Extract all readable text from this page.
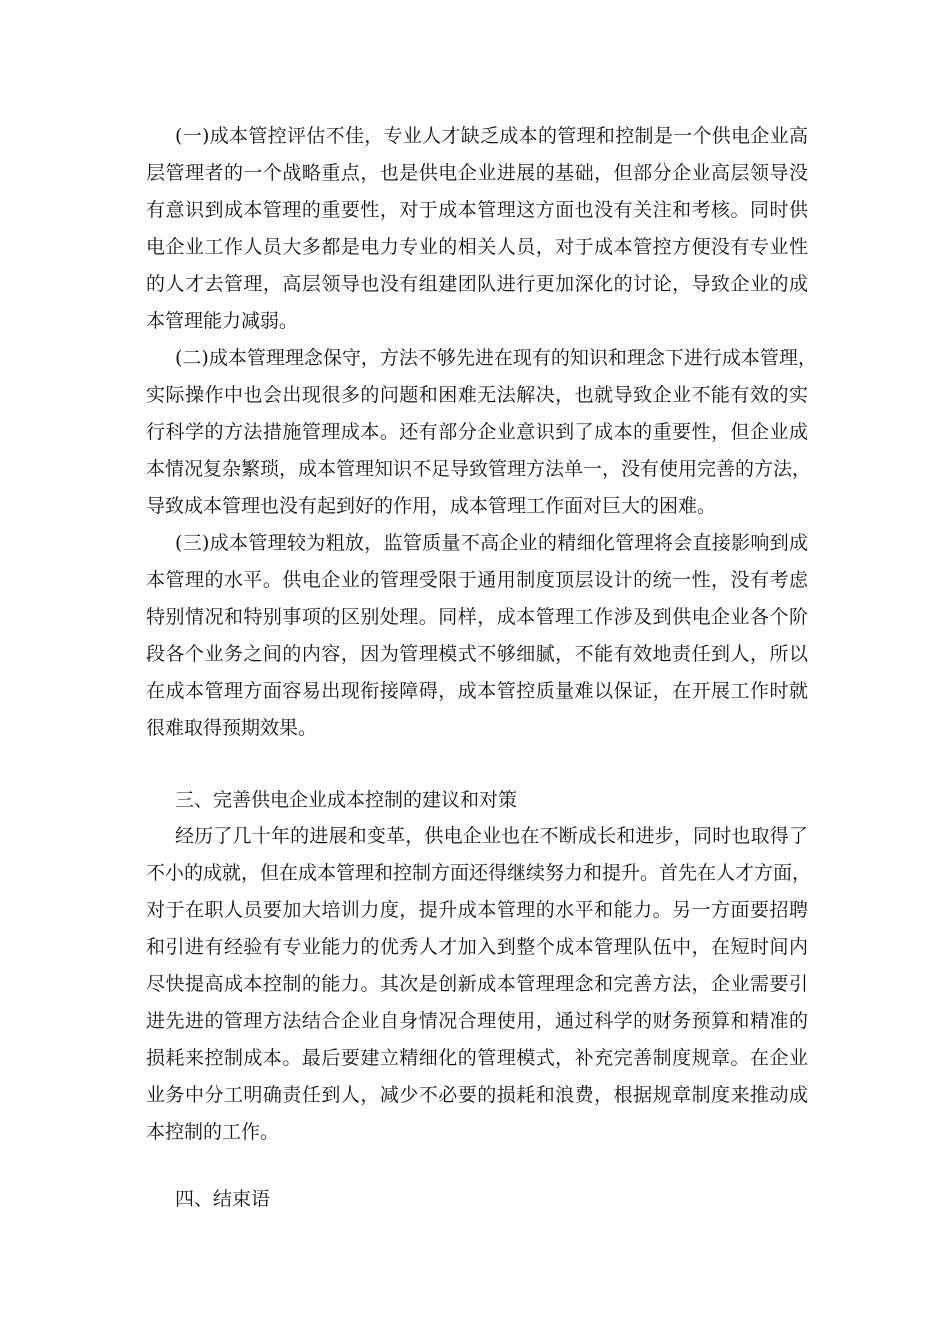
(一)成本管控评估不佳，专业人才缺乏成本的管理和控制是一个供电企业高
层管理者的一个战略重点，也是供电企业进展的基础，但部分企业高层领导没
有意识到成本管理的重要性，对于成本管理这方面也没有关注和考核。同时供
电企业工作人员大多都是电力专业的相关人员，对于成本管控方便没有专业性
的人才去管理，高层领导也没有组建团队进行更加深化的讨论，导致企业的成
本管理能力减弱。
(二)成本管理理念保守，方法不够先进在现有的知识和理念下进行成本管理，
实际操作中也会出现很多的问题和困难无法解决，也就导致企业不能有效的实
行科学的方法措施管理成本。还有部分企业意识到了成本的重要性，但企业成
本情况复杂繁琐，成本管理知识不足导致管理方法单一，没有使用完善的方法，
导致成本管理也没有起到好的作用，成本管理工作面对巨大的困难。
(三)成本管理较为粗放，监管质量不高企业的精细化管理将会直接影响到成
本管理的水平。供电企业的管理受限于通用制度顶层设计的统一性，没有考虑
特别情况和特别事项的区别处理。同样，成本管理工作涉及到供电企业各个阶
段各个业务之间的内容，因为管理模式不够细腻，不能有效地责任到人，所以
在成本管理方面容易出现衔接障碍，成本管控质量难以保证，在开展工作时就
很难取得预期效果。
三、完善供电企业成本控制的建议和对策
经历了几十年的进展和变革，供电企业也在不断成长和进步，同时也取得了
不小的成就，但在成本管理和控制方面还得继续努力和提升。首先在人才方面，
对于在职人员要加大培训力度，提升成本管理的水平和能力。另一方面要招聘
和引进有经验有专业能力的优秀人才加入到整个成本管理队伍中，在短时间内
尽快提高成本控制的能力。其次是创新成本管理理念和完善方法，企业需要引
进先进的管理方法结合企业自身情况合理使用，通过科学的财务预算和精准的
损耗来控制成本。最后要建立精细化的管理模式，补充完善制度规章。在企业
业务中分工明确责任到人，减少不必要的损耗和浪费，根据规章制度来推动成
本控制的工作。
四、结束语
